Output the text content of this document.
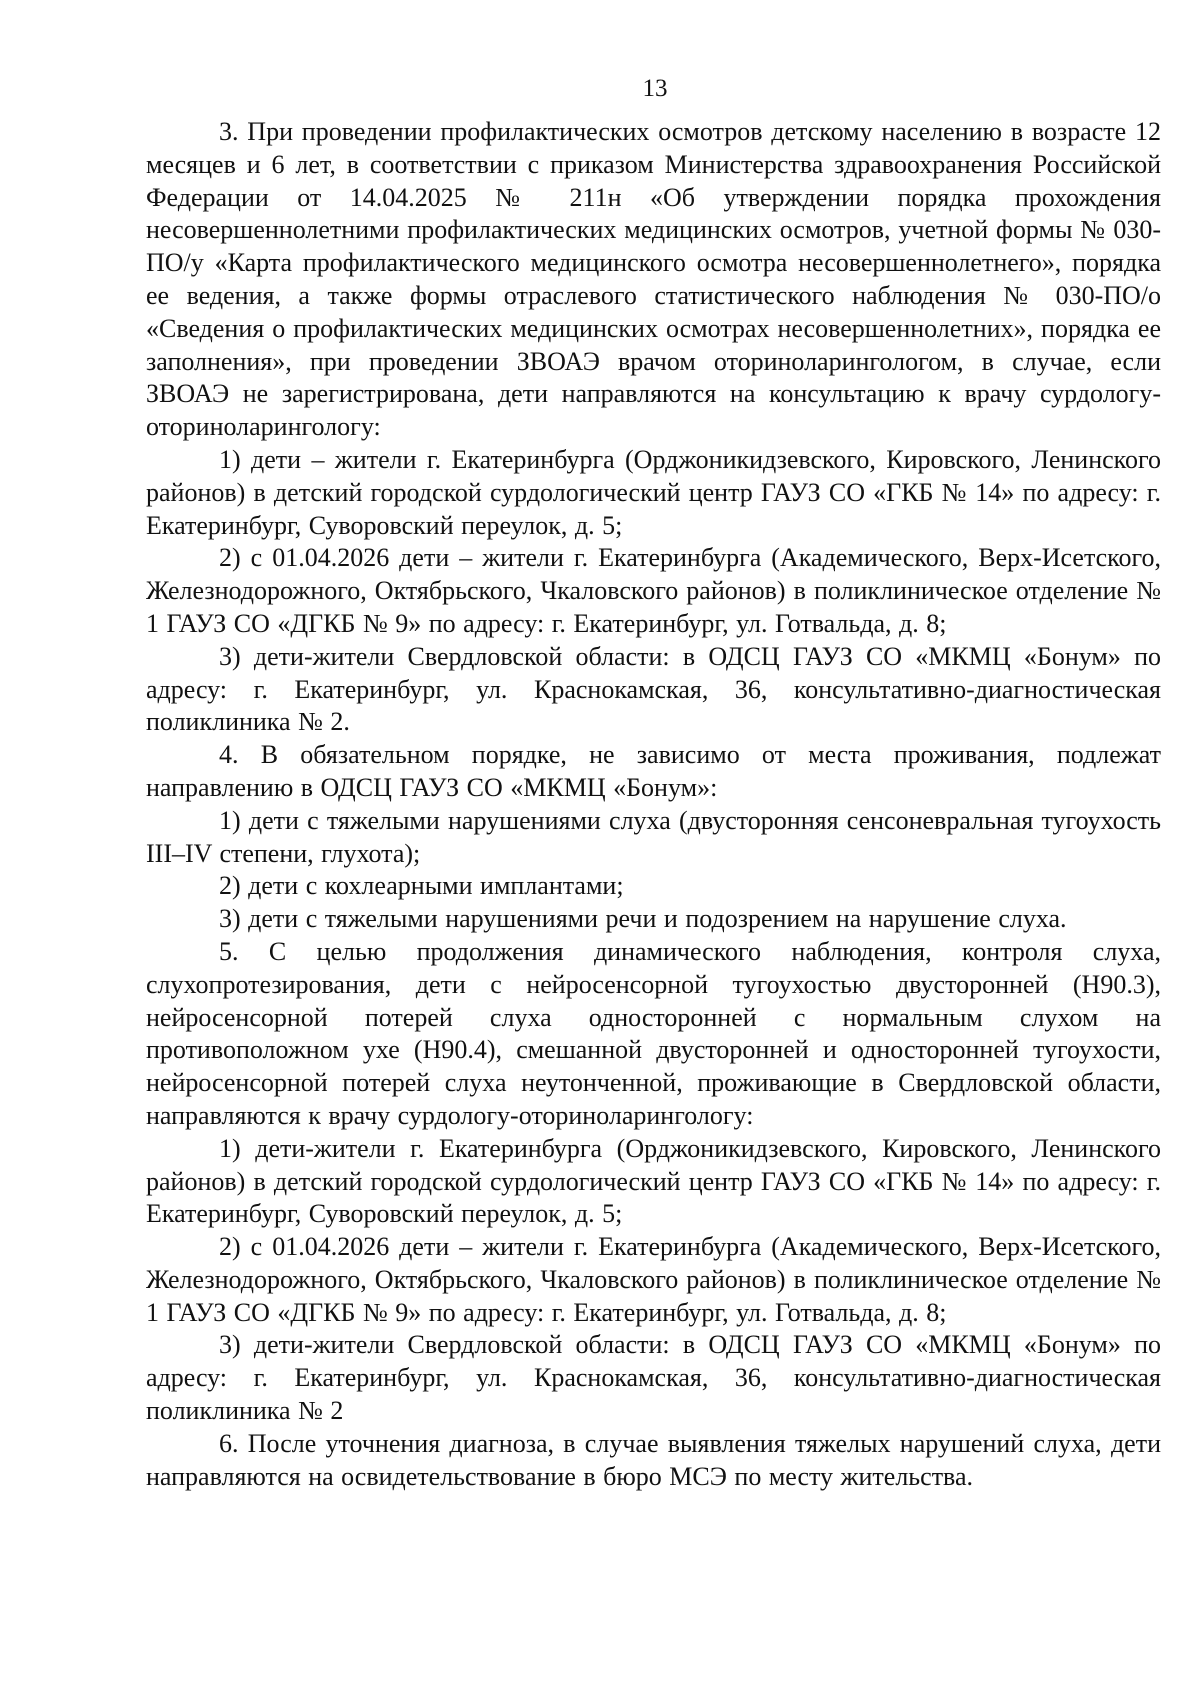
13

3. При проведении профилактических осмотров детскому населению в возрасте 12 месяцев и 6 лет, в соответствии с приказом Министерства здравоохранения Российской Федерации от 14.04.2025 № 211н «Об утверждении порядка прохождения несовершеннолетними профилактических медицинских осмотров, учетной формы № 030-ПО/у «Карта профилактического медицинского осмотра несовершеннолетнего», порядка ее ведения, а также формы отраслевого статистического наблюдения № 030-ПО/о «Сведения о профилактических медицинских осмотрах несовершеннолетних», порядка ее заполнения», при проведении ЗВОАЭ врачом оториноларингологом, в случае, если ЗВОАЭ не зарегистрирована, дети направляются на консультацию к врачу сурдологу-оториноларингологу:

1) дети – жители г. Екатеринбурга (Орджоникидзевского, Кировского, Ленинского районов) в детский городской сурдологический центр ГАУЗ СО «ГКБ № 14» по адресу: г. Екатеринбург, Суворовский переулок, д. 5;

2) с 01.04.2026 дети – жители г. Екатеринбурга (Академического, Верх-Исетского, Железнодорожного, Октябрьского, Чкаловского районов) в поликлиническое отделение № 1 ГАУЗ СО «ДГКБ № 9» по адресу: г. Екатеринбург, ул. Готвальда, д. 8;

3) дети-жители Свердловской области: в ОДСЦ ГАУЗ СО «МКМЦ «Бонум» по адресу: г. Екатеринбург, ул. Краснокамская, 36, консультативно-диагностическая поликлиника № 2.

4. В обязательном порядке, не зависимо от места проживания, подлежат направлению в ОДСЦ ГАУЗ СО «МКМЦ «Бонум»:

1) дети с тяжелыми нарушениями слуха (двусторонняя сенсоневральная тугоухость III–IV степени, глухота);

2) дети с кохлеарными имплантами;

3) дети с тяжелыми нарушениями речи и подозрением на нарушение слуха.

5. С целью продолжения динамического наблюдения, контроля слуха, слухопротезирования, дети с нейросенсорной тугоухостью двусторонней (H90.3), нейросенсорной потерей слуха односторонней с нормальным слухом на противоположном ухе (H90.4), смешанной двусторонней и односторонней тугоухости, нейросенсорной потерей слуха неутонченной, проживающие в Свердловской области, направляются к врачу сурдологу-оториноларингологу:

1) дети-жители г. Екатеринбурга (Орджоникидзевского, Кировского, Ленинского районов) в детский городской сурдологический центр ГАУЗ СО «ГКБ № 14» по адресу: г. Екатеринбург, Суворовский переулок, д. 5;

2) с 01.04.2026 дети – жители г. Екатеринбурга (Академического, Верх-Исетского, Железнодорожного, Октябрьского, Чкаловского районов) в поликлиническое отделение № 1 ГАУЗ СО «ДГКБ № 9» по адресу: г. Екатеринбург, ул. Готвальда, д. 8;

3) дети-жители Свердловской области: в ОДСЦ ГАУЗ СО «МКМЦ «Бонум» по адресу: г. Екатеринбург, ул. Краснокамская, 36, консультативно-диагностическая поликлиника № 2

6. После уточнения диагноза, в случае выявления тяжелых нарушений слуха, дети направляются на освидетельствование в бюро МСЭ по месту жительства.
